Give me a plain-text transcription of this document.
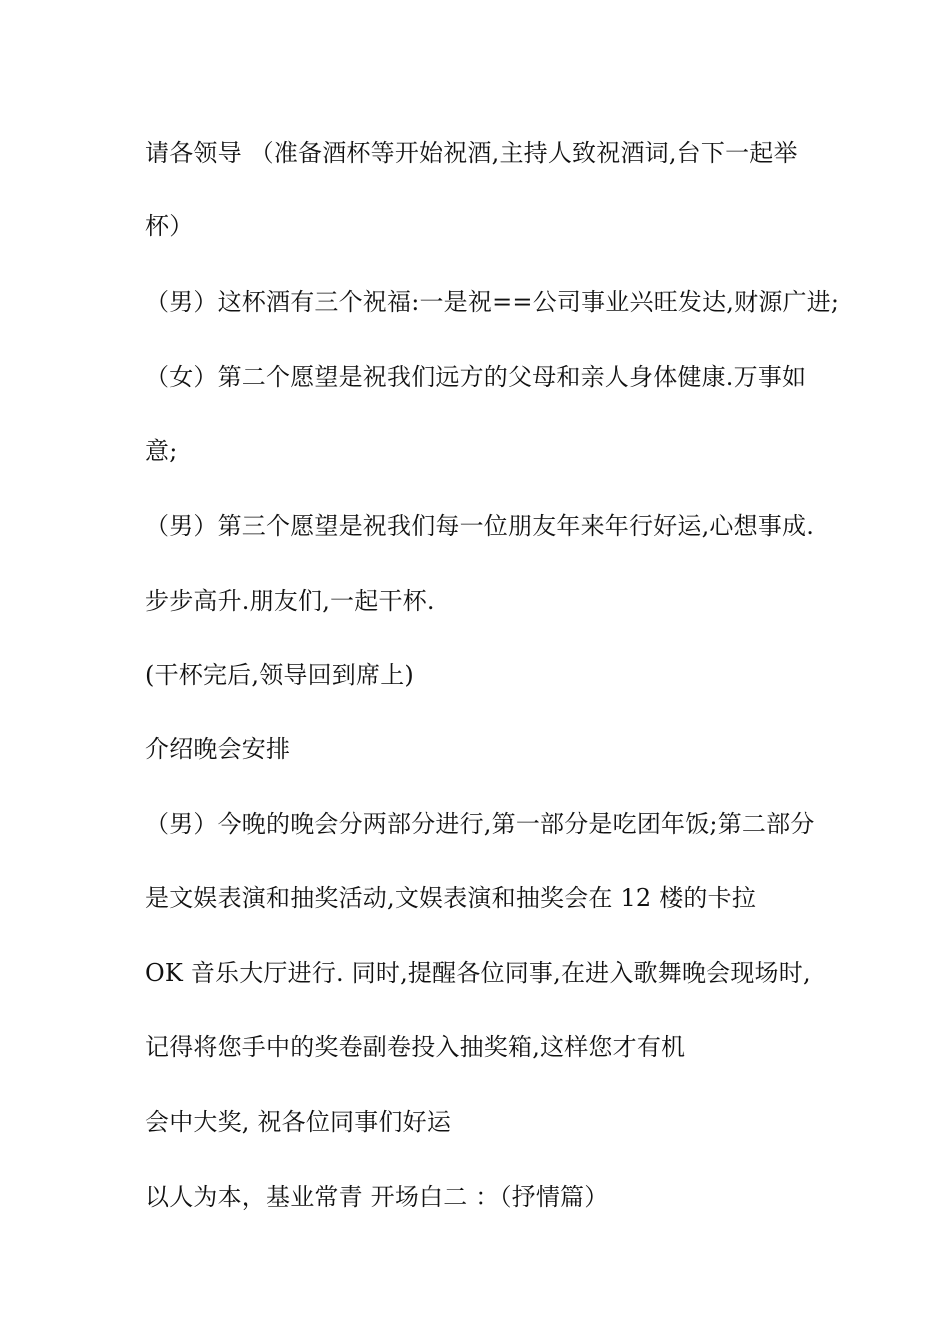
请各领导 （准备酒杯等开始祝酒,主持人致祝酒词,台下一起举
杯）
（男）这杯酒有三个祝福:一是祝==公司事业兴旺发达,财源广进;
（女）第二个愿望是祝我们远方的父母和亲人身体健康.万事如
意;
（男）第三个愿望是祝我们每一位朋友年来年行好运,心想事成.
步步高升.朋友们,一起干杯.
(干杯完后,领导回到席上)
介绍晚会安排
（男）今晚的晚会分两部分进行,第一部分是吃团年饭;第二部分
是文娱表演和抽奖活动,文娱表演和抽奖会在 12 楼的卡拉
OK 音乐大厅进行. 同时,提醒各位同事,在进入歌舞晚会现场时,
记得将您手中的奖卷副卷投入抽奖箱,这样您才有机
会中大奖, 祝各位同事们好运
以人为本，基业常青 开场白二 ：（抒情篇）
